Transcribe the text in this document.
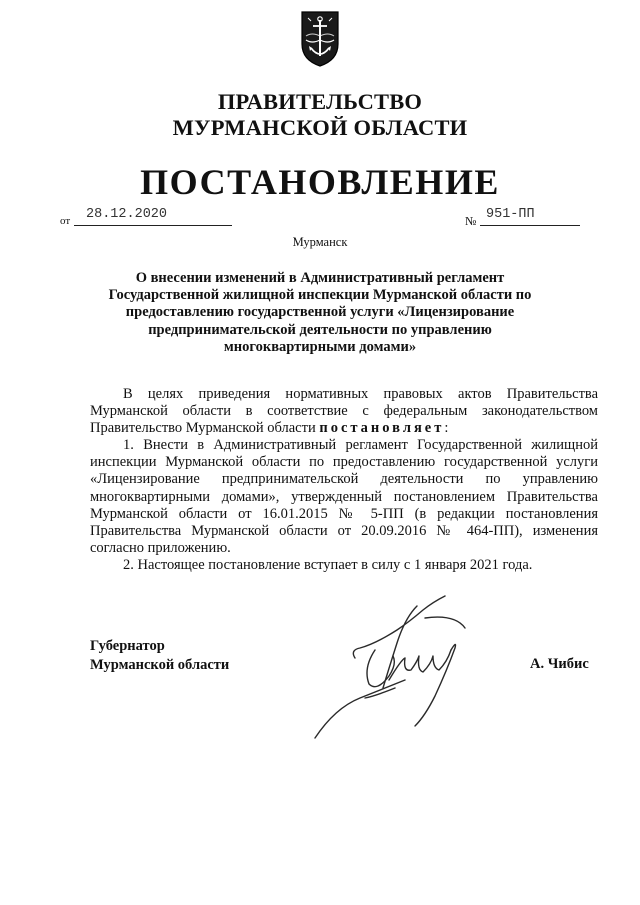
ПРАВИТЕЛЬСТВО
МУРМАНСКОЙ ОБЛАСТИ
ПОСТАНОВЛЕНИЕ
от	28.12.2020	№ 951-ПП
Мурманск
О внесении изменений в Административный регламент
Государственной жилищной инспекции Мурманской области по
предоставлению государственной услуги «Лицензирование
предпринимательской деятельности по управлению
многоквартирными домами»

В целях приведения нормативных правовых актов Правительства Мурманской области в соответствие с федеральным законодательством Правительство Мурманской области постановляет:

1. Внести в Административный регламент Государственной жилищной инспекции Мурманской области по предоставлению государственной услуги «Лицензирование предпринимательской деятельности по управлению многоквартирными домами», утвержденный постановлением Правительства Мурманской области от 16.01.2015 № 5-ПП (в редакции постановления Правительства Мурманской области от 20.09.2016 № 464-ПП), изменения согласно приложению.

2. Настоящее постановление вступает в силу с 1 января 2021 года.

Губернатор
Мурманской области	А. Чибис
